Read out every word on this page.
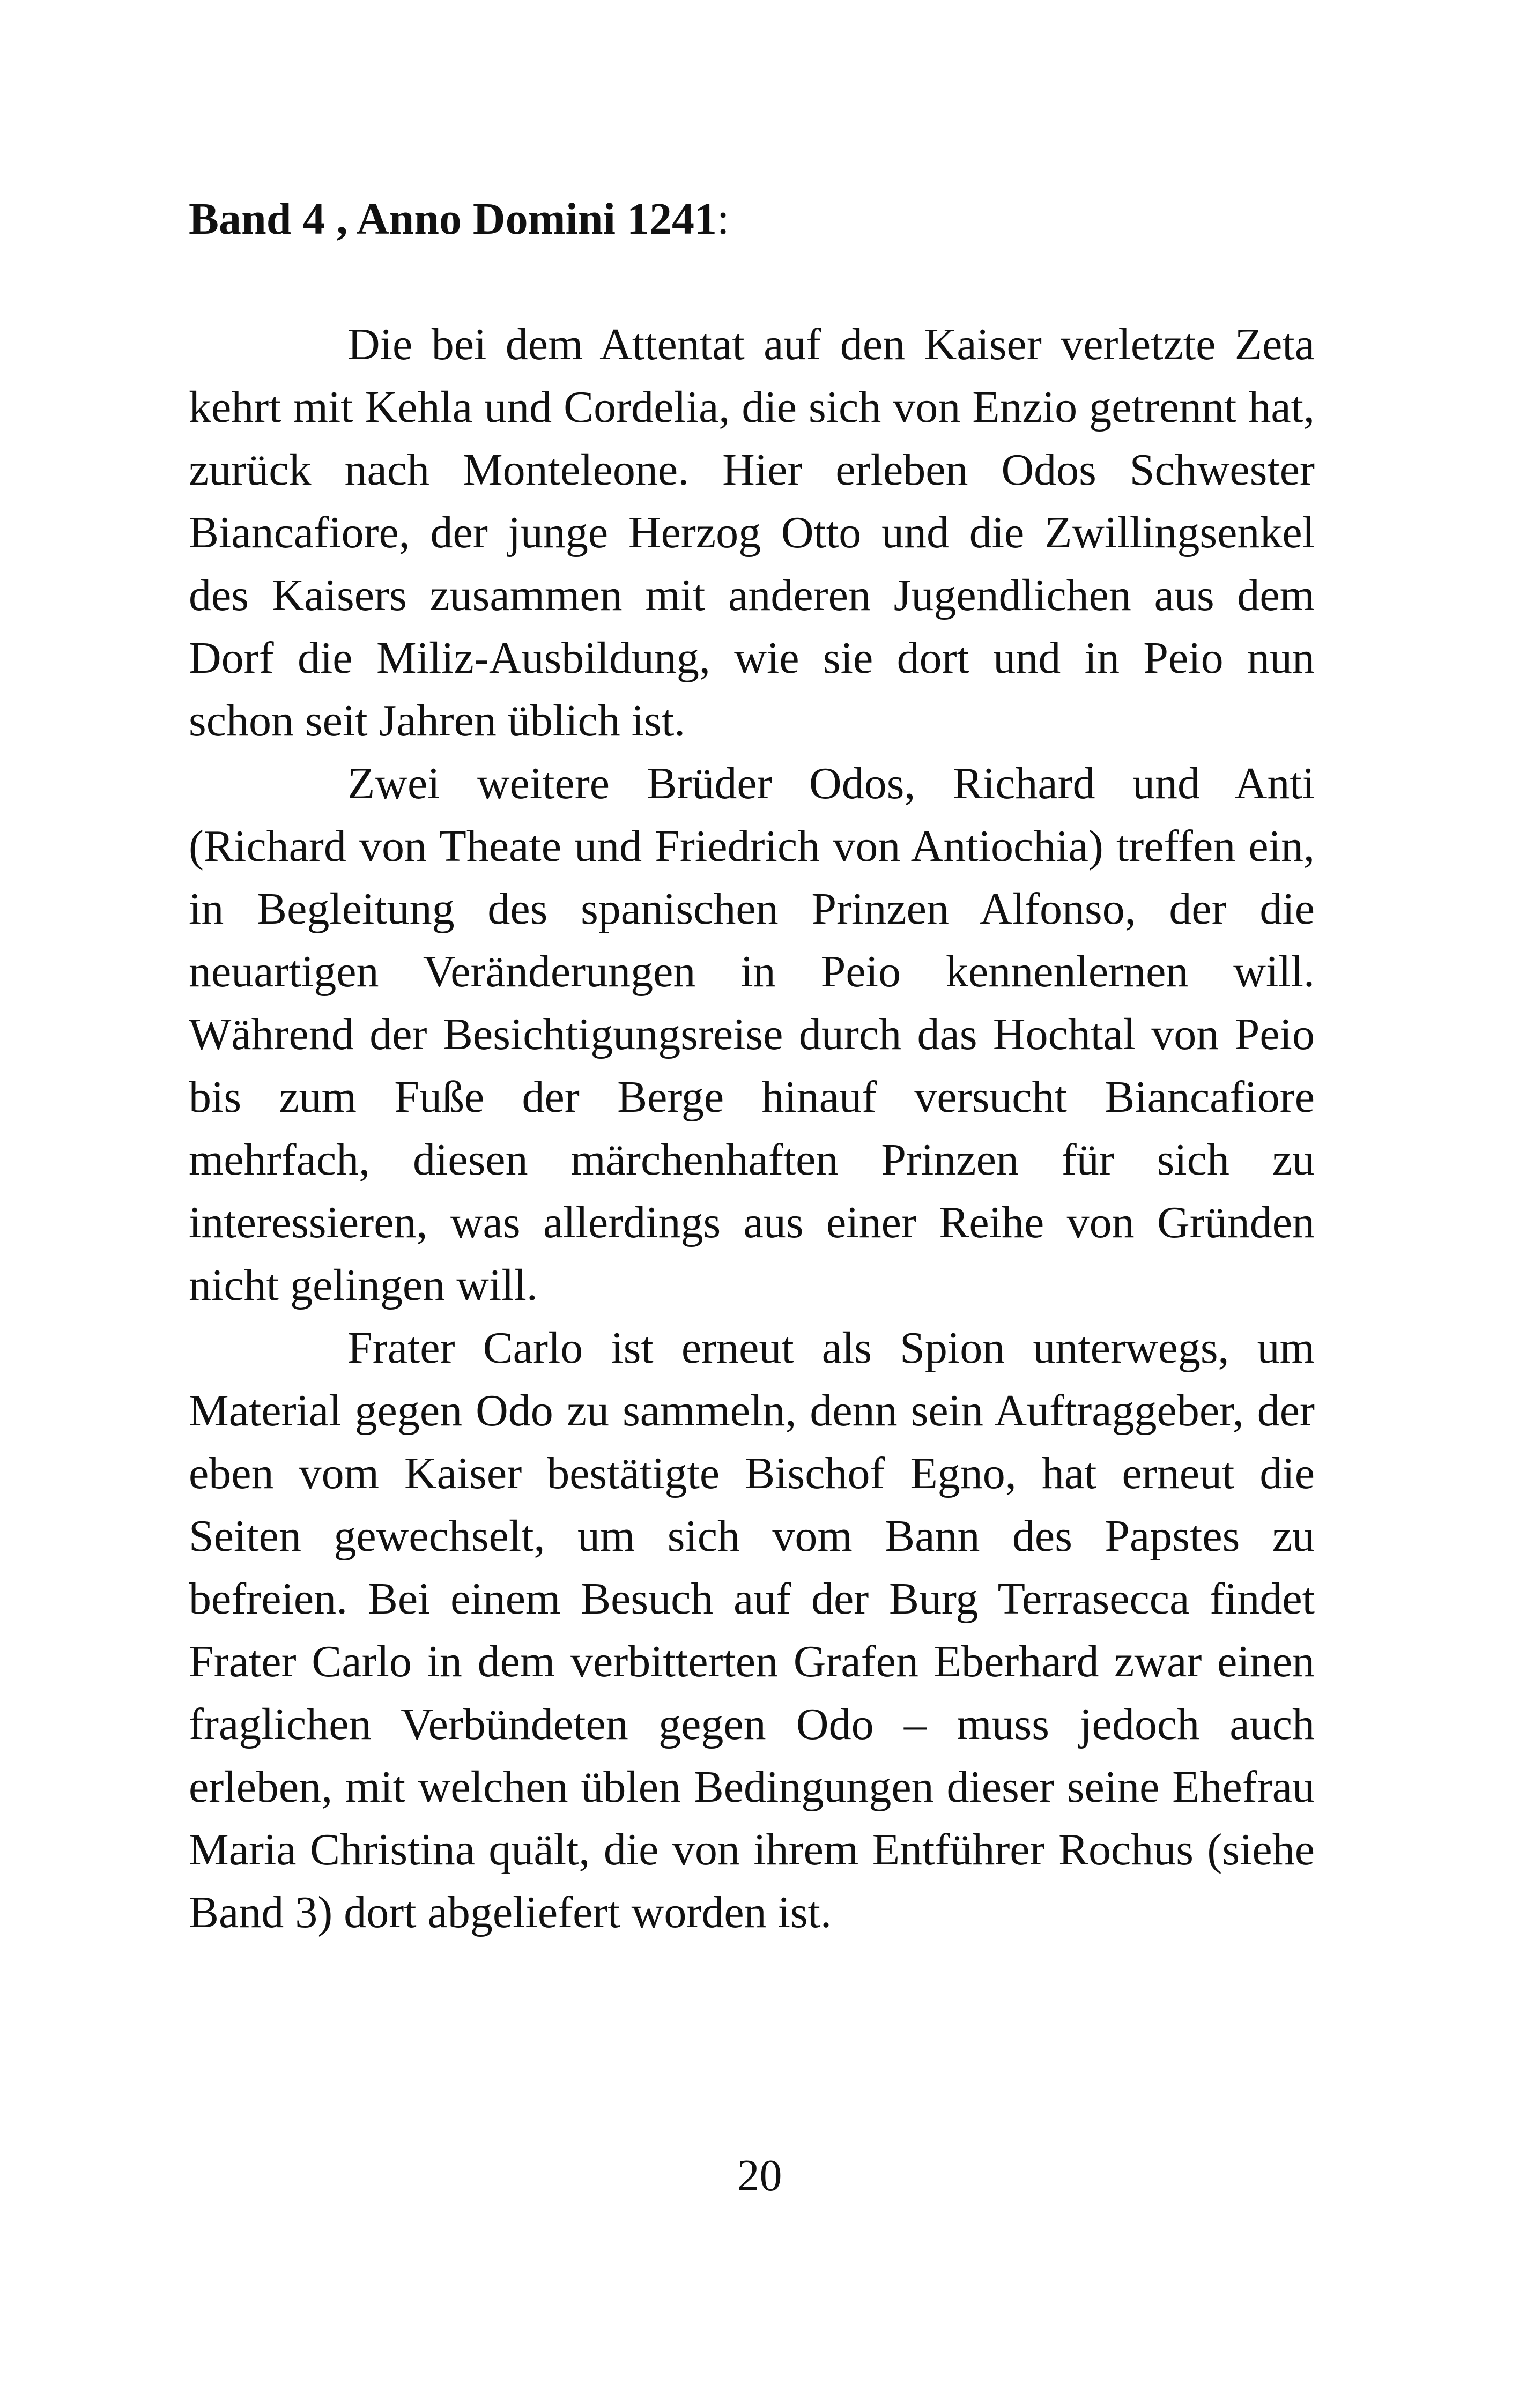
Band 4 , Anno Domini 1241:

Die bei dem Attentat auf den Kaiser verletzte Zeta kehrt mit Kehla und Cordelia, die sich von Enzio getrennt hat, zurück nach Monteleone. Hier erleben Odos Schwester Biancafiore, der junge Herzog Otto und die Zwillingsenkel des Kaisers zusammen mit anderen Jugendlichen aus dem Dorf die Miliz-Ausbildung, wie sie dort und in Peio nun schon seit Jahren üblich ist.

Zwei weitere Brüder Odos, Richard und Anti (Richard von Theate und Friedrich von Antiochia) treffen ein, in Begleitung des spanischen Prinzen Alfonso, der die neuartigen Veränderungen in Peio kennenlernen will. Während der Besichtigungsreise durch das Hochtal von Peio bis zum Fuße der Berge hinauf versucht Biancafiore mehrfach, diesen märchenhaften Prinzen für sich zu interessieren, was allerdings aus einer Reihe von Gründen nicht gelingen will.

Frater Carlo ist erneut als Spion unterwegs, um Material gegen Odo zu sammeln, denn sein Auftraggeber, der eben vom Kaiser bestätigte Bischof Egno, hat erneut die Seiten gewechselt, um sich vom Bann des Papstes zu befreien. Bei einem Besuch auf der Burg Terrasecca findet Frater Carlo in dem verbitterten Grafen Eberhard zwar einen fraglichen Verbündeten gegen Odo – muss jedoch auch erleben, mit welchen üblen Bedingungen dieser seine Ehefrau Maria Christina quält, die von ihrem Entführer Rochus (siehe Band 3) dort abgeliefert worden ist.

20
